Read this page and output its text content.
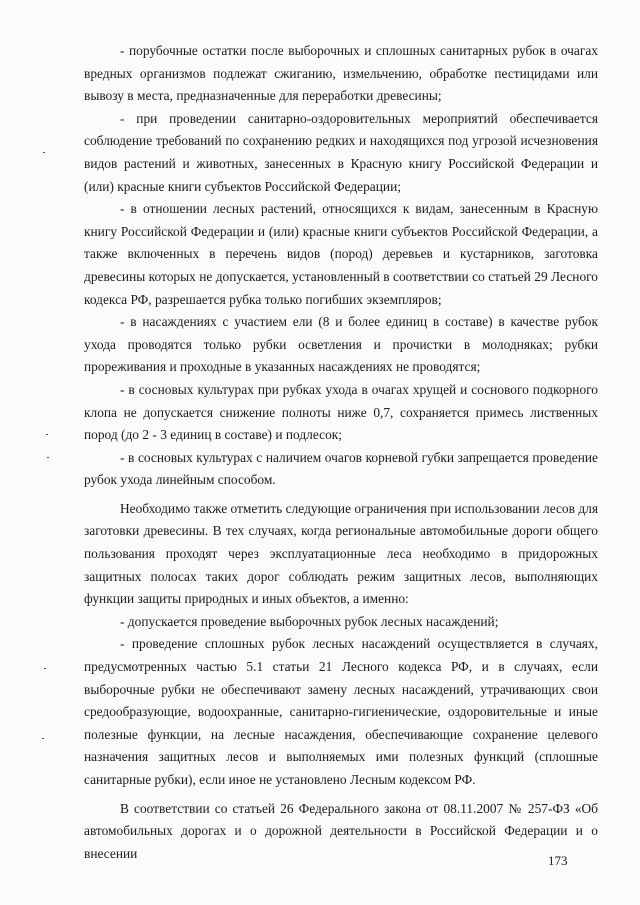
- порубочные остатки после выборочных и сплошных санитарных рубок в очагах вредных организмов подлежат сжиганию, измельчению, обработке пестицидами или вывозу в места, предназначенные для переработки древесины;

- при проведении санитарно-оздоровительных мероприятий обеспечивается соблюдение требований по сохранению редких и находящихся под угрозой исчезновения видов растений и животных, занесенных в Красную книгу Российской Федерации и (или) красные книги субъектов Российской Федерации;

- в отношении лесных растений, относящихся к видам, занесенным в Красную книгу Российской Федерации и (или) красные книги субъектов Российской Федерации, а также включенных в перечень видов (пород) деревьев и кустарников, заготовка древесины которых не допускается, установленный в соответствии со статьей 29 Лесного кодекса РФ, разрешается рубка только погибших экземпляров;

- в насаждениях с участием ели (8 и более единиц в составе) в качестве рубок ухода проводятся только рубки осветления и прочистки в молодняках; рубки прореживания и проходные в указанных насаждениях не проводятся;

- в сосновых культурах при рубках ухода в очагах хрущей и соснового подкорного клопа не допускается снижение полноты ниже 0,7, сохраняется примесь лиственных пород (до 2 - 3 единиц в составе) и подлесок;

- в сосновых культурах с наличием очагов корневой губки запрещается проведение рубок ухода линейным способом.

Необходимо также отметить следующие ограничения при использовании лесов для заготовки древесины. В тех случаях, когда региональные автомобильные дороги общего пользования проходят через эксплуатационные леса необходимо в придорожных защитных полосах таких дорог соблюдать режим защитных лесов, выполняющих функции защиты природных и иных объектов, а именно:

- допускается проведение выборочных рубок лесных насаждений;

- проведение сплошных рубок лесных насаждений осуществляется в случаях, предусмотренных частью 5.1 статьи 21 Лесного кодекса РФ, и в случаях, если выборочные рубки не обеспечивают замену лесных насаждений, утрачивающих свои средообразующие, водоохранные, санитарно-гигиенические, оздоровительные и иные полезные функции, на лесные насаждения, обеспечивающие сохранение целевого назначения защитных лесов и выполняемых ими полезных функций (сплошные санитарные рубки), если иное не установлено Лесным кодексом РФ.

В соответствии со статьей 26 Федерального закона от 08.11.2007 № 257-ФЗ «Об автомобильных дорогах и о дорожной деятельности в Российской Федерации и о внесении	173
